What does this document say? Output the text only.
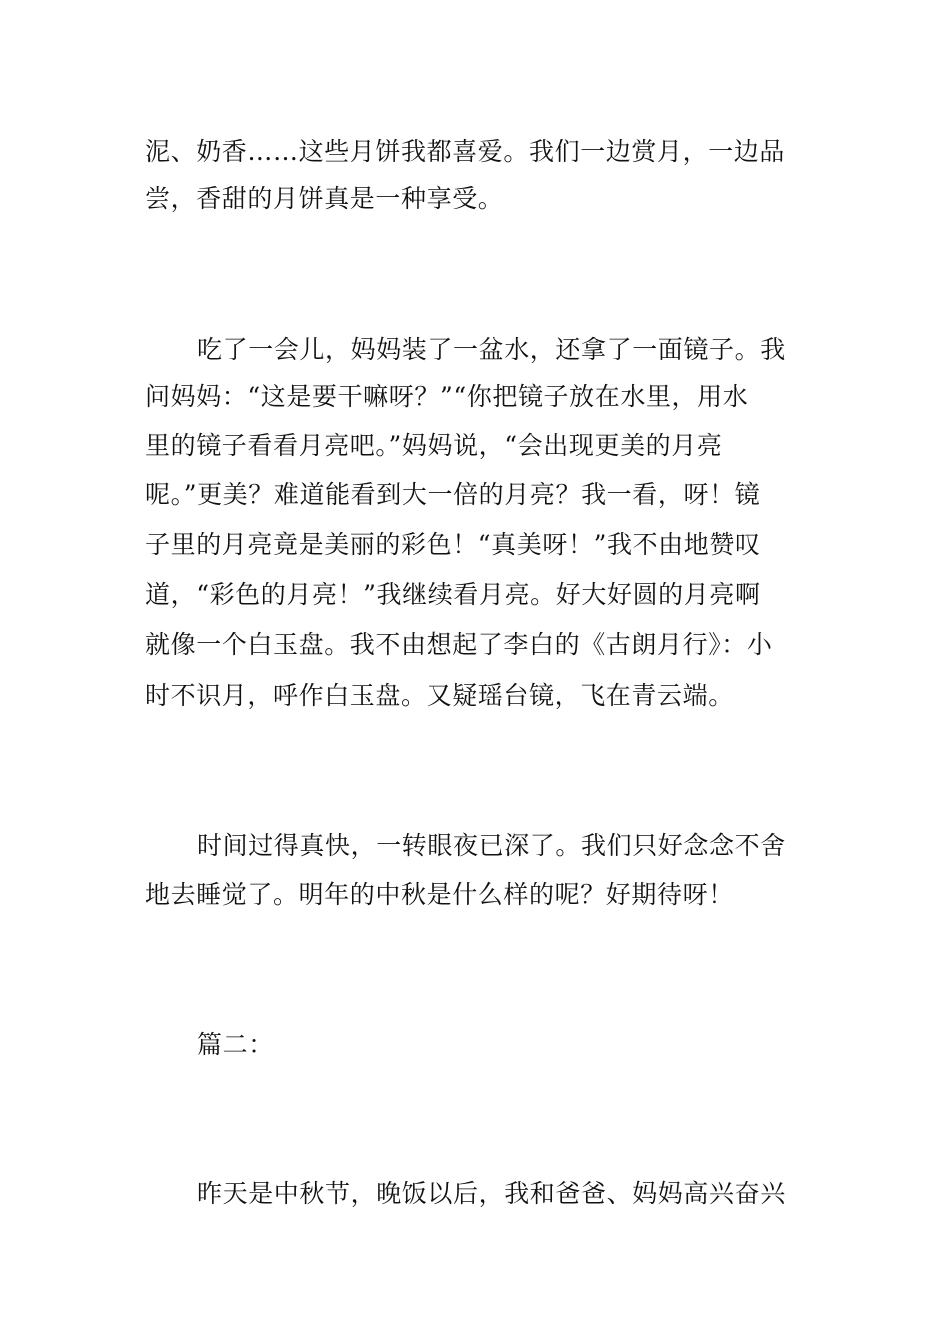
泥、奶香……这些月饼我都喜爱。我们一边赏月，一边品
尝，香甜的月饼真是一种享受。
吃了一会儿，妈妈装了一盆水，还拿了一面镜子。我
问妈妈：“这是要干嘛呀？”“你把镜子放在水里，用水
里的镜子看看月亮吧。”妈妈说，“会出现更美的月亮
呢。”更美？难道能看到大一倍的月亮？我一看，呀！镜
子里的月亮竟是美丽的彩色！“真美呀！”我不由地赞叹
道，“彩色的月亮！”我继续看月亮。好大好圆的月亮啊
就像一个白玉盘。我不由想起了李白的《古朗月行》：小
时不识月，呼作白玉盘。又疑瑶台镜，飞在青云端。
时间过得真快，一转眼夜已深了。我们只好念念不舍
地去睡觉了。明年的中秋是什么样的呢？好期待呀！
篇二：
昨天是中秋节，晚饭以后，我和爸爸、妈妈高兴奋兴
